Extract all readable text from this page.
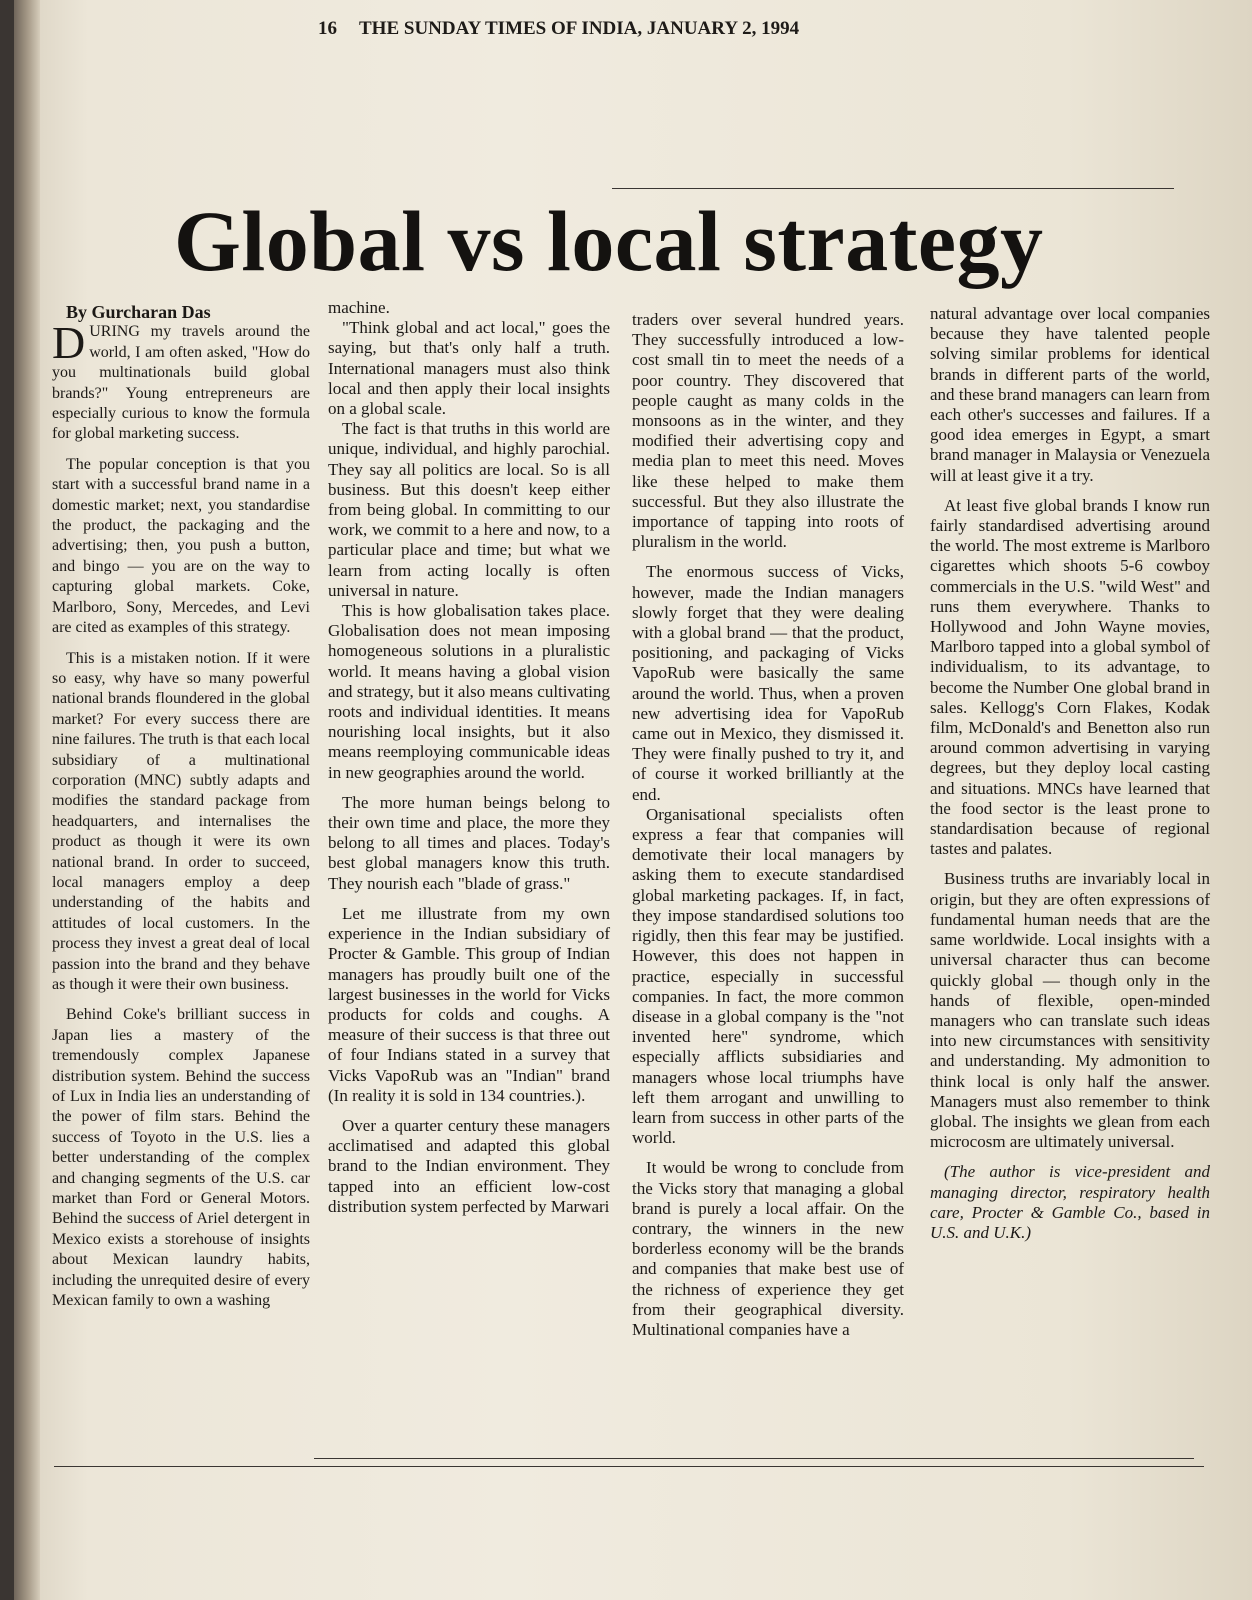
16 THE SUNDAY TIMES OF INDIA, JANUARY 2, 1994
Global vs local strategy

By Gurcharan Das

DURING my travels around the world, I am often asked, "How do you multinationals build global brands?" Young entrepreneurs are especially curious to know the formula for global marketing success.

The popular conception is that you start with a successful brand name in a domestic market; next, you standardise the product, the packaging and the advertising; then, you push a button, and bingo — you are on the way to capturing global markets. Coke, Marlboro, Sony, Mercedes, and Levi are cited as examples of this strategy.

This is a mistaken notion. If it were so easy, why have so many powerful national brands floundered in the global market? For every success there are nine failures. The truth is that each local subsidiary of a multinational corporation (MNC) subtly adapts and modifies the standard package from headquarters, and internalises the product as though it were its own national brand. In order to succeed, local managers employ a deep understanding of the habits and attitudes of local customers. In the process they invest a great deal of local passion into the brand and they behave as though it were their own business.

Behind Coke's brilliant success in Japan lies a mastery of the tremendously complex Japanese distribution system. Behind the success of Lux in India lies an understanding of the power of film stars. Behind the success of Toyoto in the U.S. lies a better understanding of the complex and changing segments of the U.S. car market than Ford or General Motors. Behind the success of Ariel detergent in Mexico exists a storehouse of insights about Mexican laundry habits, including the unrequited desire of every Mexican family to own a washing

machine.

"Think global and act local," goes the saying, but that's only half a truth. International managers must also think local and then apply their local insights on a global scale.

The fact is that truths in this world are unique, individual, and highly parochial. They say all politics are local. So is all business. But this doesn't keep either from being global. In committing to our work, we commit to a here and now, to a particular place and time; but what we learn from acting locally is often universal in nature.

This is how globalisation takes place. Globalisation does not mean imposing homogeneous solutions in a pluralistic world. It means having a global vision and strategy, but it also means cultivating roots and individual identities. It means nourishing local insights, but it also means reemploying communicable ideas in new geographies around the world.

The more human beings belong to their own time and place, the more they belong to all times and places. Today's best global managers know this truth. They nourish each "blade of grass."

Let me illustrate from my own experience in the Indian subsidiary of Procter & Gamble. This group of Indian managers has proudly built one of the largest businesses in the world for Vicks products for colds and coughs. A measure of their success is that three out of four Indians stated in a survey that Vicks VapoRub was an "Indian" brand (In reality it is sold in 134 countries.).

Over a quarter century these managers acclimatised and adapted this global brand to the Indian environment. They tapped into an efficient low-cost distribution system perfected by Marwari

traders over several hundred years. They successfully introduced a low-cost small tin to meet the needs of a poor country. They discovered that people caught as many colds in the monsoons as in the winter, and they modified their advertising copy and media plan to meet this need. Moves like these helped to make them successful. But they also illustrate the importance of tapping into roots of pluralism in the world.

The enormous success of Vicks, however, made the Indian managers slowly forget that they were dealing with a global brand — that the product, positioning, and packaging of Vicks VapoRub were basically the same around the world. Thus, when a proven new advertising idea for VapoRub came out in Mexico, they dismissed it. They were finally pushed to try it, and of course it worked brilliantly at the end.

Organisational specialists often express a fear that companies will demotivate their local managers by asking them to execute standardised global marketing packages. If, in fact, they impose standardised solutions too rigidly, then this fear may be justified. However, this does not happen in practice, especially in successful companies. In fact, the more common disease in a global company is the "not invented here" syndrome, which especially afflicts subsidiaries and managers whose local triumphs have left them arrogant and unwilling to learn from success in other parts of the world.

It would be wrong to conclude from the Vicks story that managing a global brand is purely a local affair. On the contrary, the winners in the new borderless economy will be the brands and companies that make best use of the richness of experience they get from their geographical diversity. Multinational companies have a

natural advantage over local companies because they have talented people solving similar problems for identical brands in different parts of the world, and these brand managers can learn from each other's successes and failures. If a good idea emerges in Egypt, a smart brand manager in Malaysia or Venezuela will at least give it a try.

At least five global brands I know run fairly standardised advertising around the world. The most extreme is Marlboro cigarettes which shoots 5-6 cowboy commercials in the U.S. "wild West" and runs them everywhere. Thanks to Hollywood and John Wayne movies, Marlboro tapped into a global symbol of individualism, to its advantage, to become the Number One global brand in sales. Kellogg's Corn Flakes, Kodak film, McDonald's and Benetton also run around common advertising in varying degrees, but they deploy local casting and situations. MNCs have learned that the food sector is the least prone to standardisation because of regional tastes and palates.

Business truths are invariably local in origin, but they are often expressions of fundamental human needs that are the same worldwide. Local insights with a universal character thus can become quickly global — though only in the hands of flexible, open-minded managers who can translate such ideas into new circumstances with sensitivity and understanding. My admonition to think local is only half the answer. Managers must also remember to think global. The insights we glean from each microcosm are ultimately universal.

(The author is vice-president and managing director, respiratory health care, Procter & Gamble Co., based in U.S. and U.K.)
